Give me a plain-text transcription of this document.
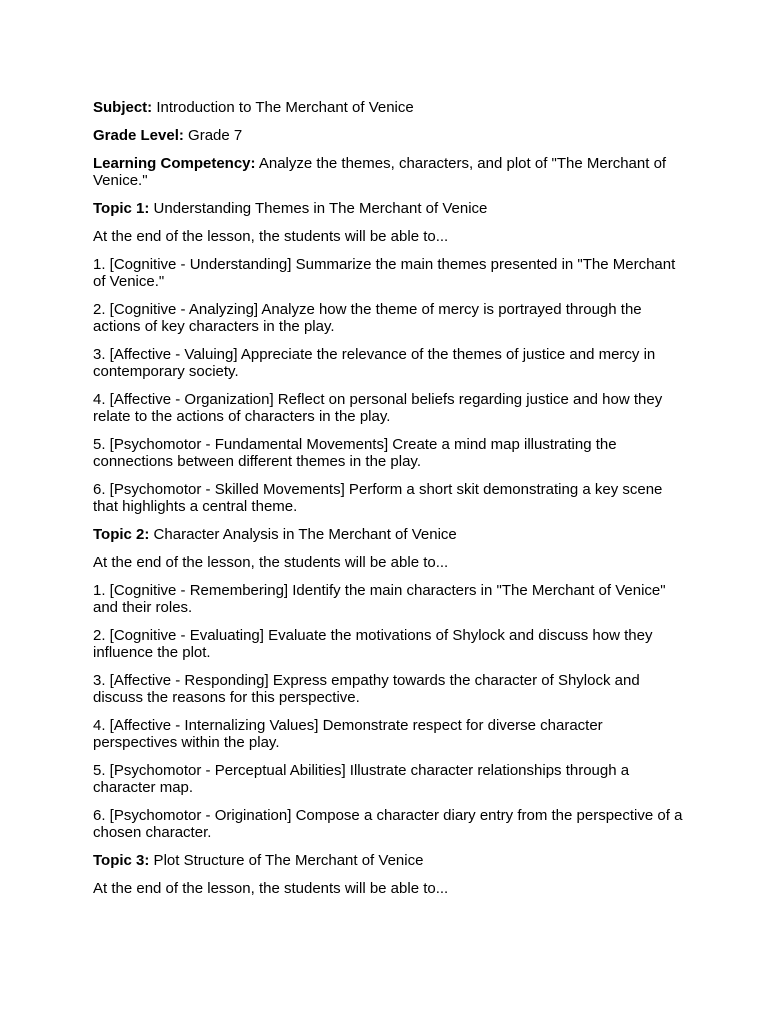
Subject: Introduction to The Merchant of Venice

Grade Level: Grade 7

Learning Competency: Analyze the themes, characters, and plot of "The Merchant of Venice."

Topic 1: Understanding Themes in The Merchant of Venice

At the end of the lesson, the students will be able to...

1. [Cognitive - Understanding] Summarize the main themes presented in "The Merchant of Venice."

2. [Cognitive - Analyzing] Analyze how the theme of mercy is portrayed through the actions of key characters in the play.

3. [Affective - Valuing] Appreciate the relevance of the themes of justice and mercy in contemporary society.

4. [Affective - Organization] Reflect on personal beliefs regarding justice and how they relate to the actions of characters in the play.

5. [Psychomotor - Fundamental Movements] Create a mind map illustrating the connections between different themes in the play.

6. [Psychomotor - Skilled Movements] Perform a short skit demonstrating a key scene that highlights a central theme.

Topic 2: Character Analysis in The Merchant of Venice

At the end of the lesson, the students will be able to...

1. [Cognitive - Remembering] Identify the main characters in "The Merchant of Venice" and their roles.

2. [Cognitive - Evaluating] Evaluate the motivations of Shylock and discuss how they influence the plot.

3. [Affective - Responding] Express empathy towards the character of Shylock and discuss the reasons for this perspective.

4. [Affective - Internalizing Values] Demonstrate respect for diverse character perspectives within the play.

5. [Psychomotor - Perceptual Abilities] Illustrate character relationships through a character map.

6. [Psychomotor - Origination] Compose a character diary entry from the perspective of a chosen character.

Topic 3: Plot Structure of The Merchant of Venice

At the end of the lesson, the students will be able to...
